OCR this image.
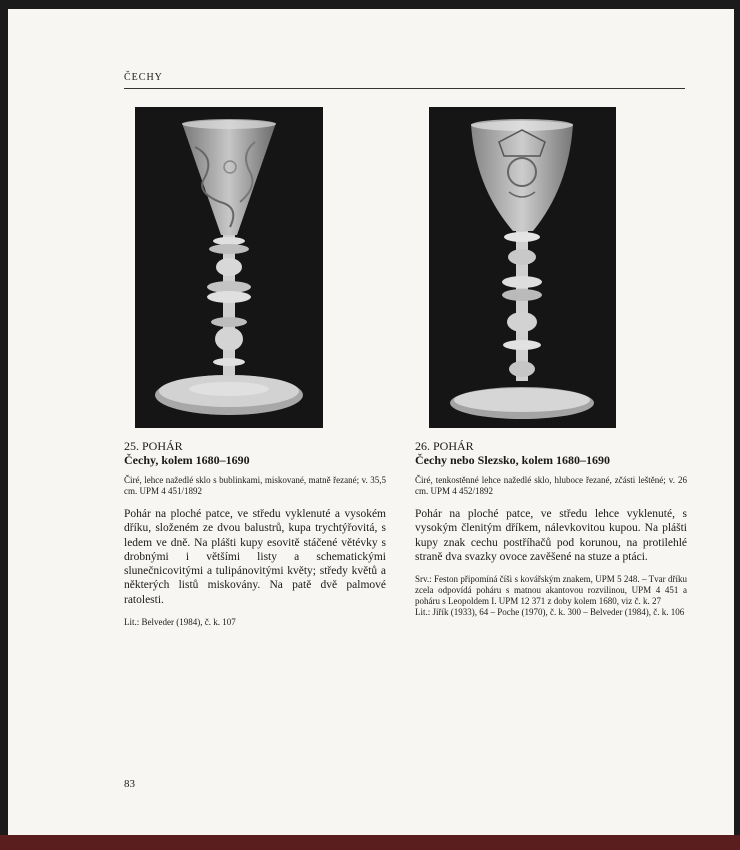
ČECHY
25. POHÁR
Čechy, kolem 1680–1690
Čiré, lehce nažedlé sklo s bublinkami, miskované, matně řezané; v. 35,5 cm. UPM 4 451/1892
Pohár na ploché patce, ve středu vyklenuté a vysokém dříku, složeném ze dvou balustrů, kupa trychtýřovitá, s ledem ve dně. Na plášti kupy esovitě stáčené větévky s drobnými i většími listy a schematickými slunečnicovitými a tulipánovitými květy; středy květů a některých listů miskovány. Na patě dvě palmové ratolesti.
Lit.: Belveder (1984), č. k. 107
26. POHÁR
Čechy nebo Slezsko, kolem 1680–1690
Čiré, tenkostěnné lehce nažedlé sklo, hluboce řezané, zčásti leštěné; v. 26 cm. UPM 4 452/1892
Pohár na ploché patce, ve středu lehce vyklenuté, s vysokým členitým dříkem, nálevkovitou kupou. Na plášti kupy znak cechu postříhačů pod korunou, na protilehlé straně dva svazky ovoce zavěšené na stuze a ptáci.
Srv.: Feston připomíná číši s kovářským znakem, UPM 5 248. – Tvar dříku zcela odpovídá poháru s matnou akantovou rozvilinou, UPM 4 451 a poháru s Leopoldem I. UPM 12 371 z doby kolem 1680, viz č. k. 27
Lit.: Jiřík (1933), 64 – Poche (1970), č. k. 300 – Belveder (1984), č. k. 106
83
